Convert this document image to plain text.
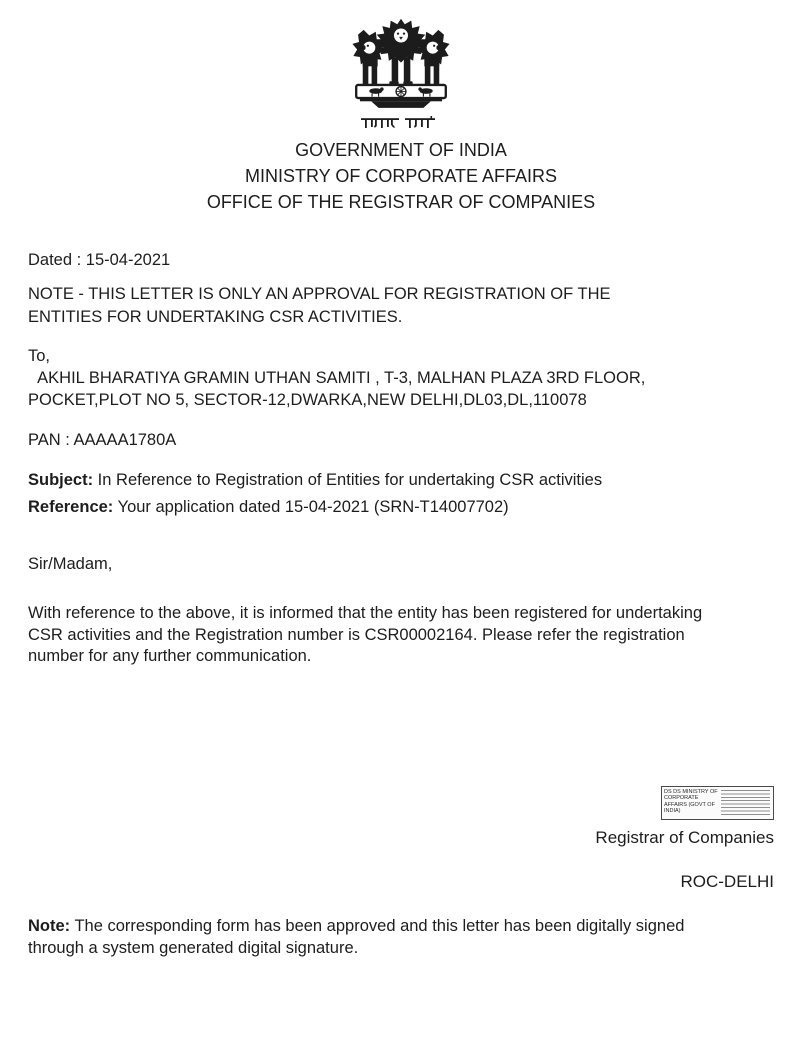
GOVERNMENT OF INDIA
MINISTRY OF CORPORATE AFFAIRS
OFFICE OF THE REGISTRAR OF COMPANIES
Dated : 15-04-2021
NOTE - THIS LETTER IS ONLY AN APPROVAL FOR REGISTRATION OF THE
ENTITIES FOR UNDERTAKING CSR ACTIVITIES.
To,
AKHIL BHARATIYA GRAMIN UTHAN SAMITI , T-3, MALHAN PLAZA 3RD FLOOR,
POCKET,PLOT NO 5, SECTOR-12,DWARKA,NEW DELHI,DL03,DL,110078
PAN : AAAAA1780A
Subject: In Reference to Registration of Entities for undertaking CSR activities
Reference: Your application dated 15-04-2021 (SRN-T14007702)
Sir/Madam,
With reference to the above, it is informed that the entity has been registered for undertaking
CSR activities and the Registration number is CSR00002164. Please refer the registration
number for any further communication.
DS DS MINISTRY OF CORPORATE AFFAIRS (GOVT OF INDIA)
Registrar of Companies
ROC-DELHI
Note: The corresponding form has been approved and this letter has been digitally signed
through a system generated digital signature.
